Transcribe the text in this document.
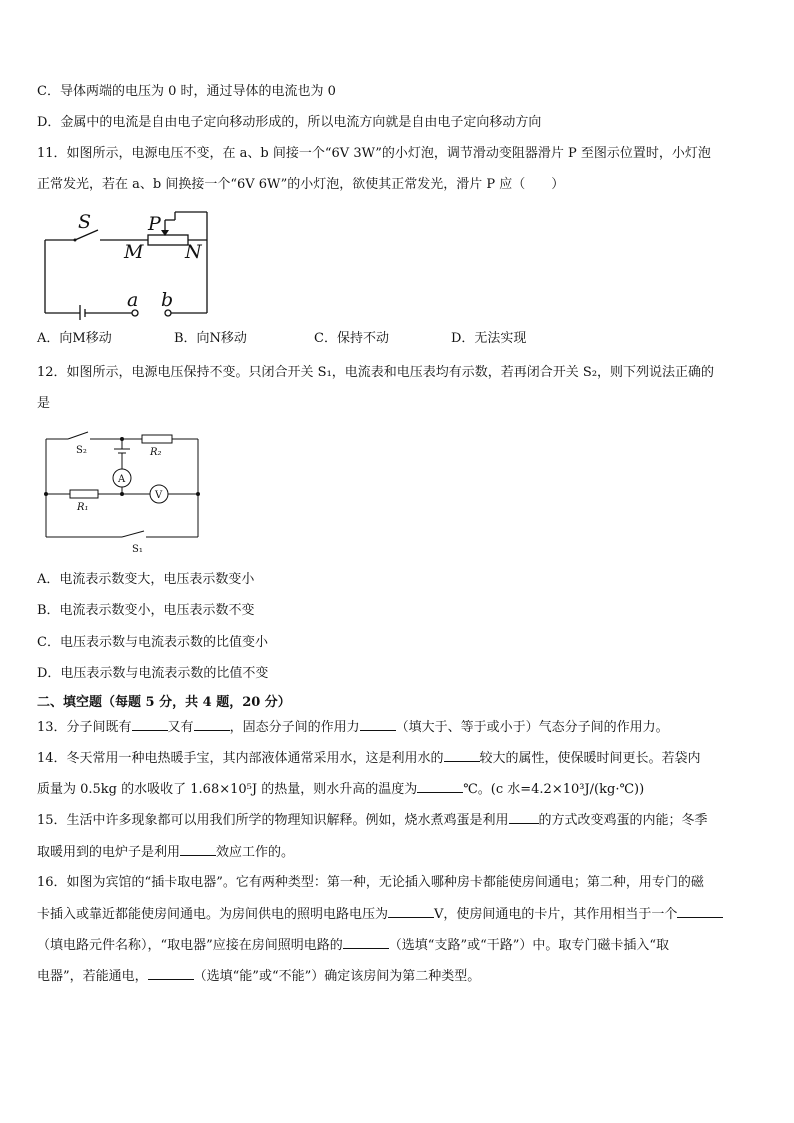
C．导体两端的电压为 0 时，通过导体的电流也为 0
D．金属中的电流是自由电子定向移动形成的，所以电流方向就是自由电子定向移动方向
11．如图所示，电源电压不变，在 a、b 间接一个“6V 3W”的小灯泡，调节滑动变阻器滑片 P 至图示位置时，小灯泡
正常发光，若在 a、b 间换接一个“6V 6W”的小灯泡，欲使其正常发光，滑片 P 应（　　）
S	P
M N
a b
A．向M移动	B．向N移动	C．保持不动	D．无法实现
12．如图所示，电源电压保持不变。只闭合开关 S₁，电流表和电压表均有示数，若再闭合开关 S₂，则下列说法正确的
是
S₂	R₂
A
V
R₁
S₁
A．电流表示数变大，电压表示数变小
B．电流表示数变小，电压表示数不变
C．电压表示数与电流表示数的比值变小
D．电压表示数与电流表示数的比值不变
二、填空题（每题 5 分，共 4 题，20 分）
13．分子间既有	又有	，固态分子间的作用力	（填大于、等于或小于）气态分子间的作用力。
14．冬天常用一种电热暖手宝，其内部液体通常采用水，这是利用水的	较大的属性，使保暖时间更长。若袋内
质量为 0.5kg 的水吸收了 1.68×10⁵J 的热量，则水升高的温度为	℃。(c 水=4.2×10³J/(kg·℃))
15．生活中许多现象都可以用我们所学的物理知识解释。例如，烧水煮鸡蛋是利用 的方式改变鸡蛋的内能；冬季
取暖用到的电炉子是利用	效应工作的。
16．如图为宾馆的“插卡取电器”。它有两种类型：第一种，无论插入哪种房卡都能使房间通电；第二种，用专门的磁
卡插入或靠近都能使房间通电。为房间供电的照明电路电压为	V，使房间通电的卡片，其作用相当于一个
（填电路元件名称），“取电器”应接在房间照明电路的	（选填“支路”或“干路”）中。取专门磁卡插入“取
电器”，若能通电，	（选填“能”或“不能”）确定该房间为第二种类型。
